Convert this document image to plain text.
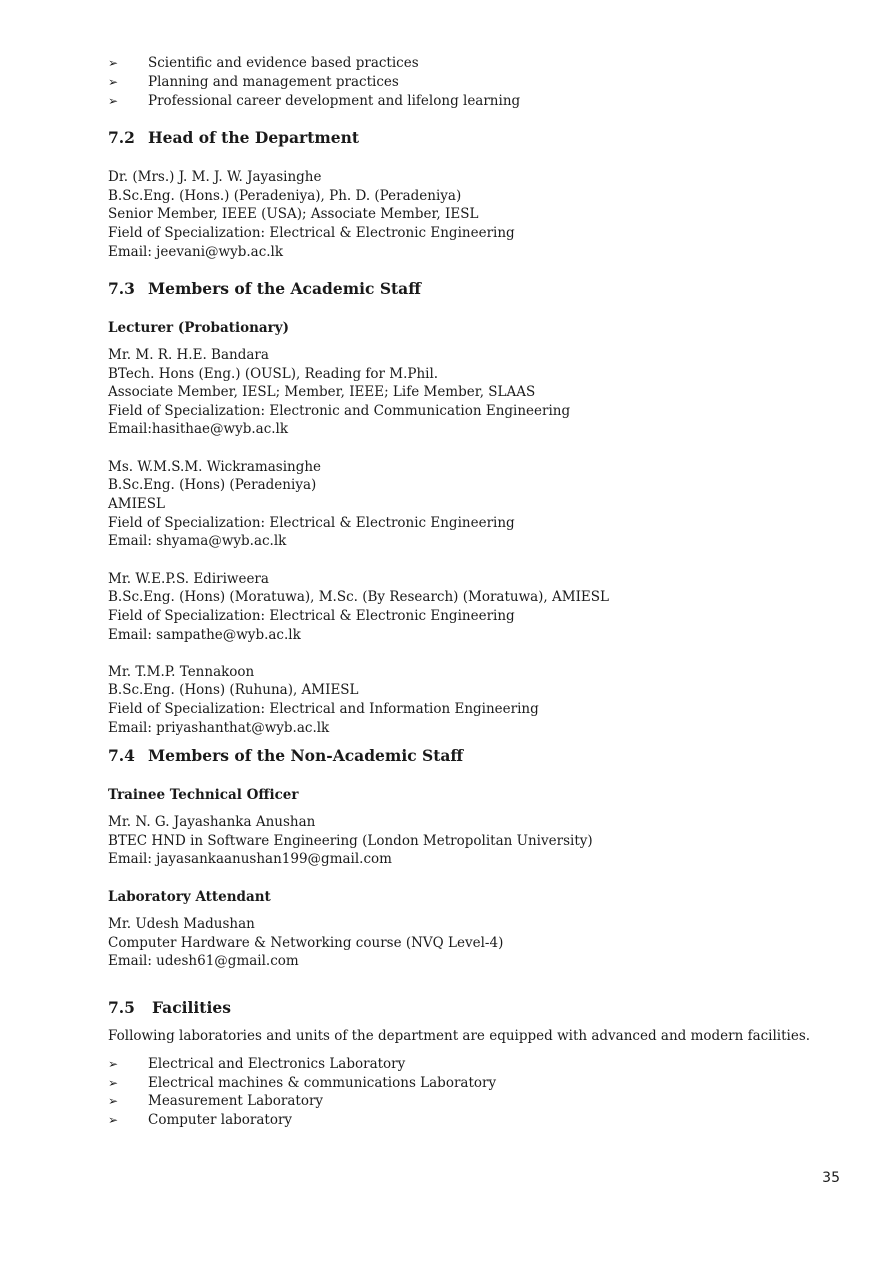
➢ Scientific and evidence based practices
➢ Planning and management practices
➢ Professional career development and lifelong learning
7.2 Head of the Department
Dr. (Mrs.) J. M. J. W. Jayasinghe
B.Sc.Eng. (Hons.) (Peradeniya), Ph. D. (Peradeniya)
Senior Member, IEEE (USA); Associate Member, IESL
Field of Specialization: Electrical & Electronic Engineering
Email: jeevani@wyb.ac.lk
7.3 Members of the Academic Staff
Lecturer (Probationary)
Mr. M. R. H.E. Bandara
BTech. Hons (Eng.) (OUSL), Reading for M.Phil.
Associate Member, IESL; Member, IEEE; Life Member, SLAAS
Field of Specialization: Electronic and Communication Engineering
Email:hasithae@wyb.ac.lk
Ms. W.M.S.M. Wickramasinghe
B.Sc.Eng. (Hons) (Peradeniya)
AMIESL
Field of Specialization: Electrical & Electronic Engineering
Email: shyama@wyb.ac.lk
Mr. W.E.P.S. Ediriweera
B.Sc.Eng. (Hons) (Moratuwa), M.Sc. (By Research) (Moratuwa), AMIESL
Field of Specialization: Electrical & Electronic Engineering
Email: sampathe@wyb.ac.lk
Mr. T.M.P. Tennakoon
B.Sc.Eng. (Hons) (Ruhuna), AMIESL
Field of Specialization: Electrical and Information Engineering
Email: priyashanthat@wyb.ac.lk
7.4 Members of the Non-Academic Staff
Trainee Technical Officer
Mr. N. G. Jayashanka Anushan
BTEC HND in Software Engineering (London Metropolitan University)
Email: jayasankaanushan199@gmail.com
Laboratory Attendant
Mr. Udesh Madushan
Computer Hardware & Networking course (NVQ Level-4)
Email: udesh61@gmail.com
7.5 Facilities
Following laboratories and units of the department are equipped with advanced and modern facilities.
➢ Electrical and Electronics Laboratory
➢ Electrical machines & communications Laboratory
➢ Measurement Laboratory
➢ Computer laboratory
35
